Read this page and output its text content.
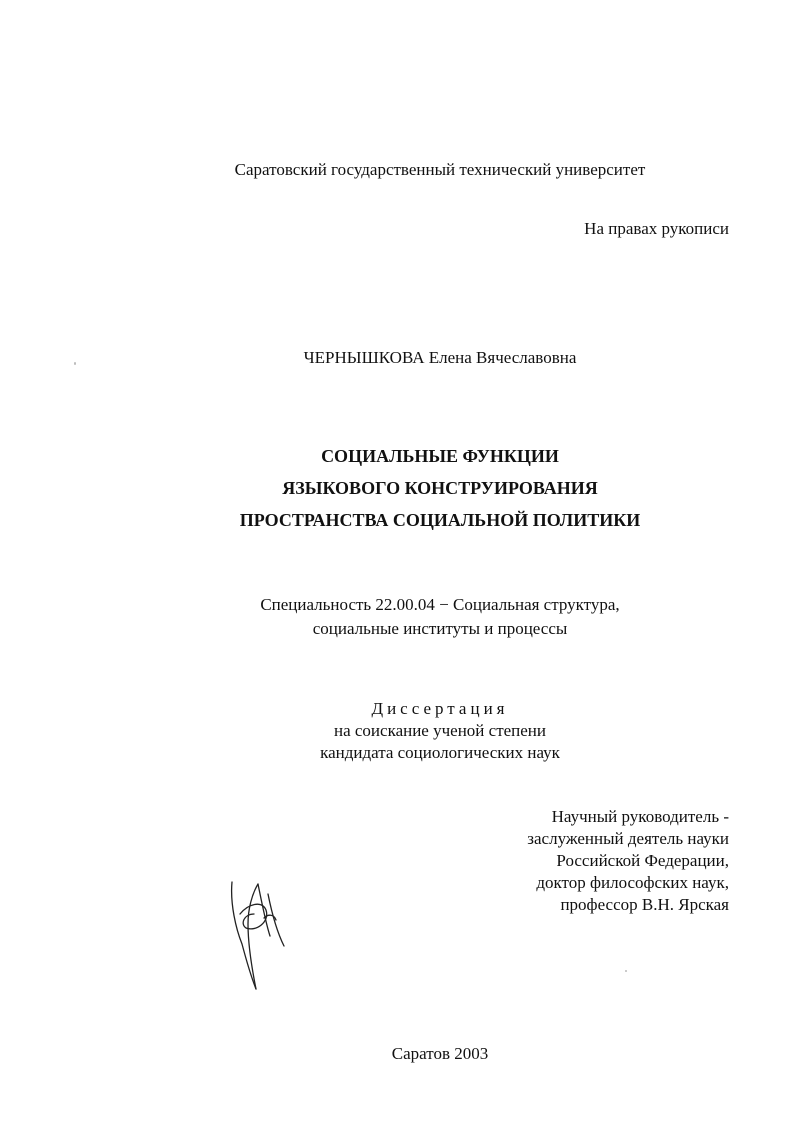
Саратовский государственный технический университет
На правах рукописи
ЧЕРНЫШКОВА Елена Вячеславовна
СОЦИАЛЬНЫЕ ФУНКЦИИ
ЯЗЫКОВОГО КОНСТРУИРОВАНИЯ
ПРОСТРАНСТВА СОЦИАЛЬНОЙ ПОЛИТИКИ
Специальность 22.00.04 − Социальная структура,
социальные институты и процессы
Диссертация
на соискание ученой степени
кандидата социологических наук
Научный руководитель -
заслуженный деятель науки
Российской Федерации,
доктор философских наук,
профессор В.Н. Ярская
Саратов 2003
